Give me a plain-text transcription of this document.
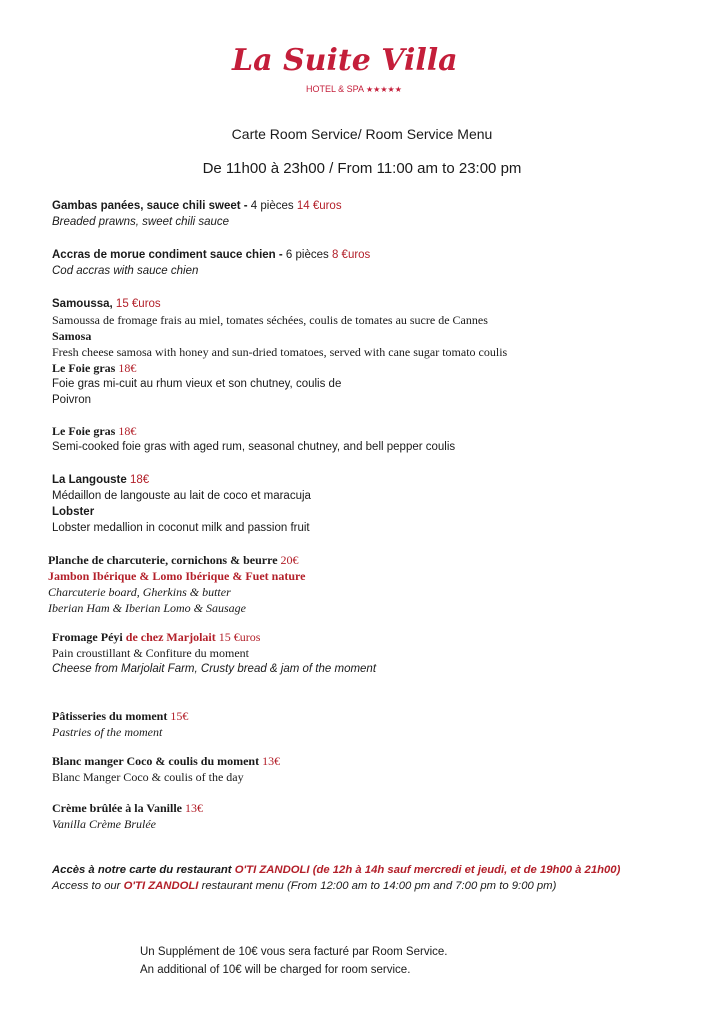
La Suite Villa
HOTEL & SPA ★★★★★
Carte Room Service/ Room Service Menu
De 11h00 à 23h00 / From 11:00 am to 23:00 pm
Gambas panées, sauce chili sweet - 4 pièces 14 €uros
Breaded prawns, sweet chili sauce
Accras de morue condiment sauce chien - 6 pièces 8 €uros
Cod accras with sauce chien
Samoussa, 15 €uros
Samoussa de fromage frais au miel, tomates séchées, coulis de tomates au sucre de Cannes
Samosa
Fresh cheese samosa with honey and sun-dried tomatoes, served with cane sugar tomato coulis
Le Foie gras 18€
Foie gras mi-cuit au rhum vieux et son chutney, coulis de
Poivron
Le Foie gras 18€
Semi-cooked foie gras with aged rum, seasonal chutney, and bell pepper coulis
La Langouste 18€
Médaillon de langouste au lait de coco et maracuja
Lobster
Lobster medallion in coconut milk and passion fruit
Planche de charcuterie, cornichons & beurre 20€
Jambon Ibérique & Lomo Ibérique & Fuet nature
Charcuterie board, Gherkins & butter
Iberian Ham & Iberian Lomo & Sausage
Fromage Péyi de chez Marjolait 15 €uros
Pain croustillant & Confiture du moment
Cheese from Marjolait Farm, Crusty bread & jam of the moment
Pâtisseries du moment 15€
Pastries of the moment
Blanc manger Coco & coulis du moment 13€
Blanc Manger Coco & coulis of the day
Crème brûlée à la Vanille 13€
Vanilla Crème Brulée
Accès à notre carte du restaurant O'TI ZANDOLI (de 12h à 14h sauf mercredi et jeudi, et de 19h00 à 21h00)
Access to our O'TI ZANDOLI restaurant menu (From 12:00 am to 14:00 pm and 7:00 pm to 9:00 pm)
Un Supplément de 10€ vous sera facturé par Room Service.
An additional of 10€ will be charged for room service.
